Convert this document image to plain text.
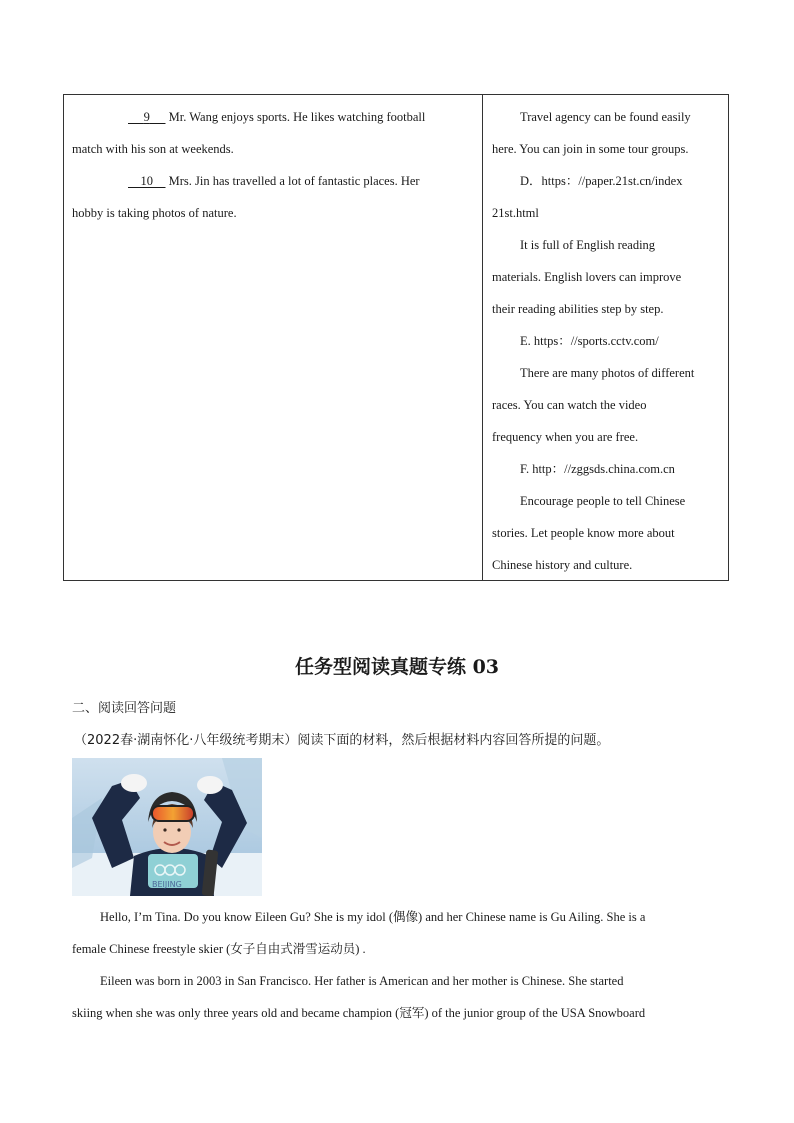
9      Mr. Wang enjoys sports. He likes watching football
match with his son at weekends.
10     Mrs. Jin has travelled a lot of fantastic places. Her
hobby is taking photos of nature.
Travel agency can be found easily
here. You can join in some tour groups.
D．https：//paper.21st.cn/index
21st.html
It is full of English reading
materials. English lovers can improve
their reading abilities step by step.
E. https：//sports.cctv.com/
There are many photos of different
races. You can watch the video
frequency when you are free.
F. http：//zggsds.china.com.cn
Encourage people to tell Chinese
stories. Let people know more about
Chinese history and culture.
任务型阅读真题专练 03
二、阅读回答问题
（2022春·湖南怀化·八年级统考期末）阅读下面的材料，然后根据材料内容回答所提的问题。
BEIJING
Hello, I’m Tina. Do you know Eileen Gu? She is my idol (偶像) and her Chinese name is Gu Ailing. She is a
female Chinese freestyle skier (女子自由式滑雪运动员) .
Eileen was born in 2003 in San Francisco. Her father is American and her mother is Chinese. She started
skiing when she was only three years old and became champion (冠军) of the junior group of the USA Snowboard
